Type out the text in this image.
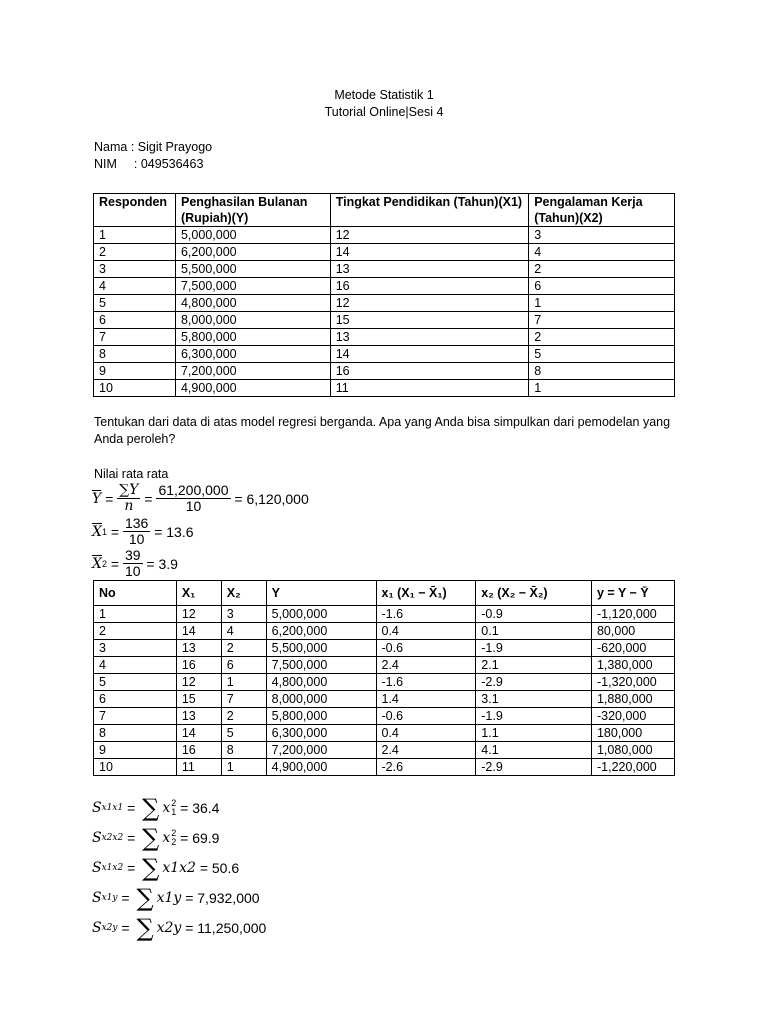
Metode Statistik 1
Tutorial Online|Sesi 4
Nama : Sigit Prayogo
NIM : 049536463
Responden	Penghasilan Bulanan (Rupiah)(Y)	Tingkat Pendidikan (Tahun)(X1)	Pengalaman Kerja (Tahun)(X2)
1	5,000,000	12	3
2	6,200,000	14	4
3	5,500,000	13	2
4	7,500,000	16	6
5	4,800,000	12	1
6	8,000,000	15	7
7	5,800,000	13	2
8	6,300,000	14	5
9	7,200,000	16	8
10	4,900,000	11	1
Tentukan dari data di atas model regresi berganda. Apa yang Anda bisa simpulkan dari pemodelan yang Anda peroleh?
Nilai rata rata
$\overline{Y} = \frac{\sum Y}{n} = \frac{61,200,000}{10}$
= 6,120,000
$\overline{X}$ $1 = \frac{136}{10}$
= 13.6
$\overline{X}$ $2 = \frac{39}{10}$
= 3.9
No	X₁	X₂	Y	x₁ (X₁ − X̄₁)	x₂ (X₂ − X̄₂)	y = Y − Ȳ
1	12	3	5,000,000	-1.6	-0.9	-1,120,000
2	14	4	6,200,000	0.4	0.1	80,000
3	13	2	5,500,000	-0.6	-1.9	-620,000
4	16	6	7,500,000	2.4	2.1	1,380,000
5	12	1	4,800,000	-1.6	-2.9	-1,320,000
6	15	7	8,000,000	1.4	3.1	1,880,000
7	13	2	5,800,000	-0.6	-1.9	-320,000
8	14	5	6,300,000	0.4	1.1	180,000
9	16	8	7,200,000	2.4	4.1	1,080,000
10	11	1	4,900,000	-2.6	-2.9	-1,220,000
S x1x1 = ∑ x 2
1
= 36.4
S x2x2 = ∑ x 2
2
= 69.9
S x1x2 = ∑ x1x2
= 50.6
S x1y = ∑ x1y
= 7,932,000
S x2y = ∑ x2y
= 11,250,000
